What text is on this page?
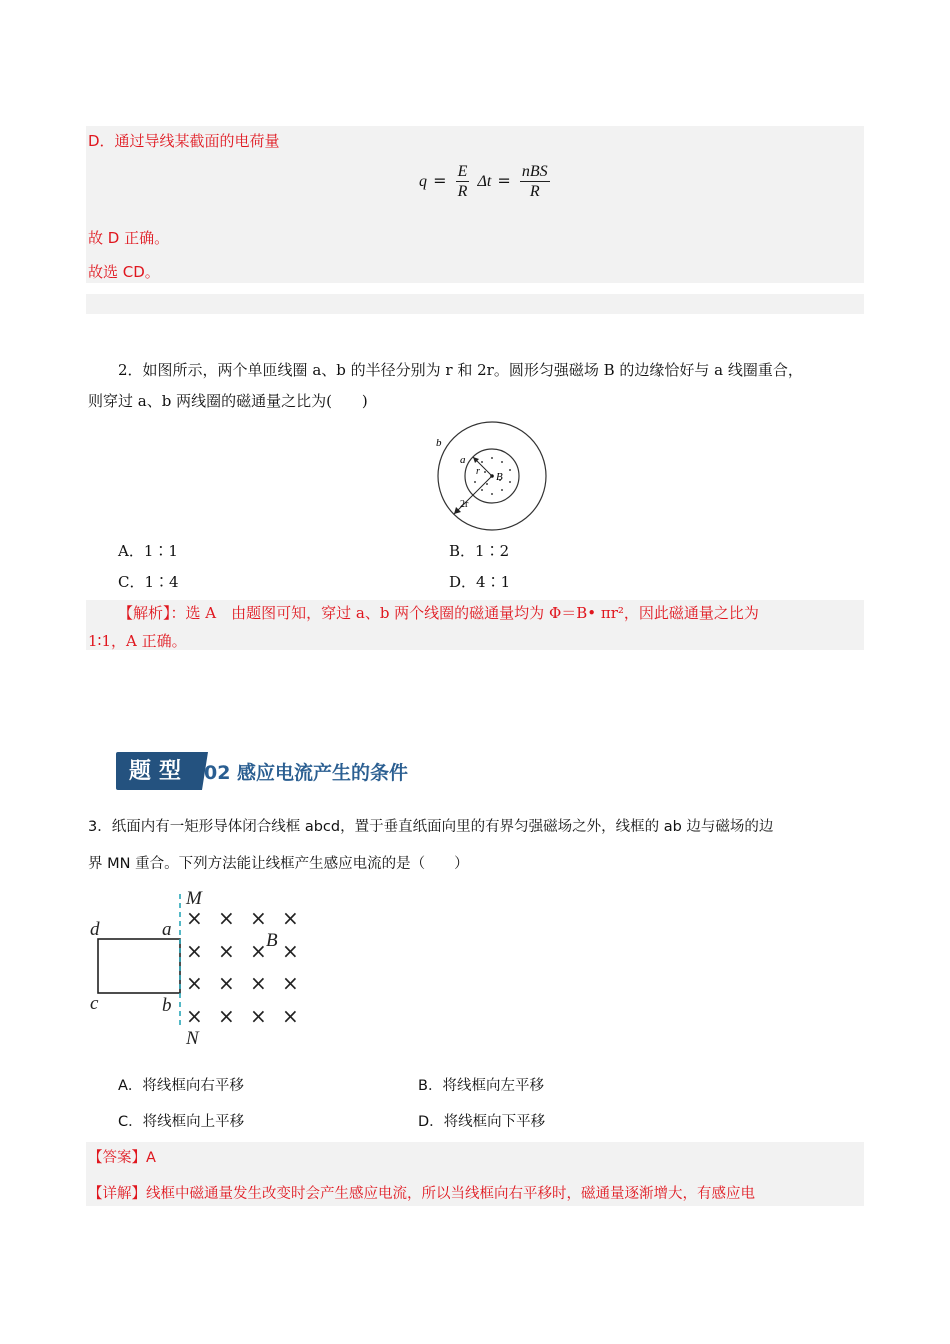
D．通过导线某截面的电荷量
$q = \frac{E}{R}$ $\Delta t = \frac{\text{nBS}}{R}$
故 D 正确。
故选 CD。
2．如图所示，两个单匝线圈 a、b 的半径分别为 r 和 2r。圆形匀强磁场 B 的边缘恰好与 a 线圈重合，
则穿过 a、b 两线圈的磁通量之比为(　　)
b
a
r B
2r
A．1∶1	B．1∶2
C．1∶4	D．4∶1
【解析】：选 A　由题图可知，穿过 a、b 两个线圈的磁通量均为 Φ＝B• πr²，因此磁通量之比为
1∶1，A 正确。
题型 02 感应电流产生的条件
3．纸面内有一矩形导体闭合线框 abcd，置于垂直纸面向里的有界匀强磁场之外，线框的 ab 边与磁场的边
界 MN 重合。下列方法能让线框产生感应电流的是（　　）
× × × ×
× × × ×
× × × ×
× × × ×
M
N
d	a
c	b
B
A．将线框向右平移	B．将线框向左平移
C．将线框向上平移	D．将线框向下平移
【答案】A
【详解】线框中磁通量发生改变时会产生感应电流，所以当线框向右平移时，磁通量逐渐增大，有感应电
